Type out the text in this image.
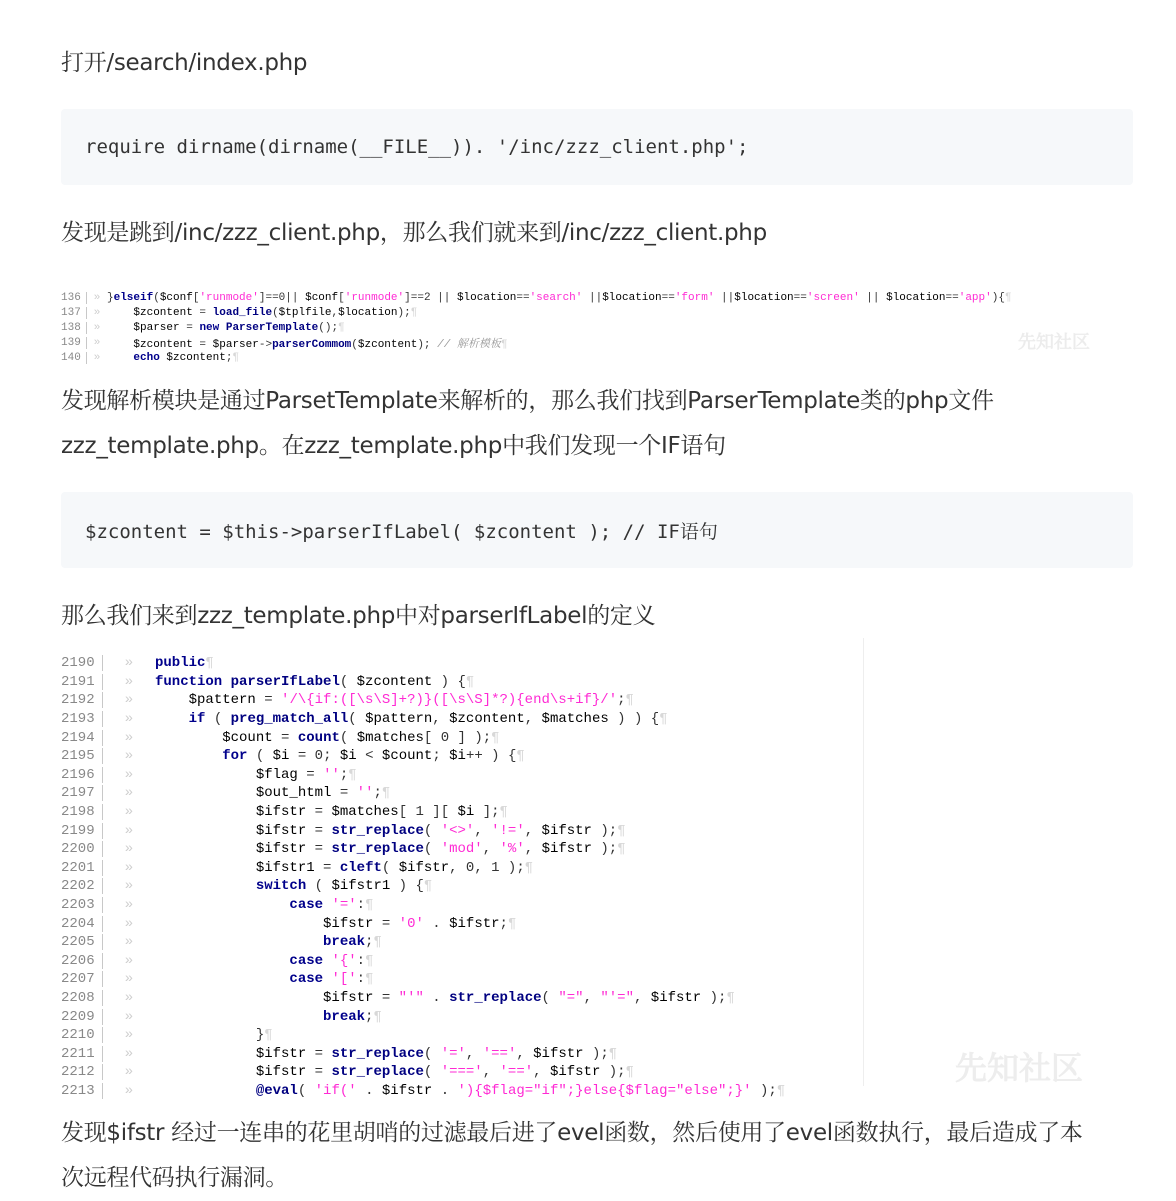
打开/search/index.php

require dirname(dirname(__FILE__)). '/inc/zzz_client.php';

发现是跳到/inc/zzz_client.php，那么我们就来到/inc/zzz_client.php

136	» }elseif($conf['runmode']==0|| $conf['runmode']==2 || $location=='search' ||$location=='form' ||$location=='screen' || $location=='app'){¶
137	»	$zcontent = load_file($tplfile,$location);¶
138	»	$parser = new ParserTemplate();¶
139	»	$zcontent = $parser->parserCommom($zcontent); // 解析模板¶
140	»	echo $zcontent;¶
先知社区

发现解析模块是通过ParsetTemplate来解析的，那么我们找到ParserTemplate类的php文件

zzz_template.php。在zzz_template.php中我们发现一个IF语句

$zcontent = $this->parserIfLabel( $zcontent ); // IF语句

那么我们来到zzz_template.php中对parserIfLabel的定义

2190	»	public¶
2191	»	function parserIfLabel( $zcontent ) {¶
2192	»	$pattern = '/\{if:([\s\S]+?)}([\s\S]*?){end\s+if}/';¶
2193	»	if ( preg_match_all( $pattern, $zcontent, $matches ) ) {¶
2194	»	$count = count( $matches[ 0 ] );¶
2195	»	for ( $i = 0; $i < $count; $i++ ) {¶
2196	»	$flag = '';¶
2197	»	$out_html = '';¶
2198	»	$ifstr = $matches[ 1 ][ $i ];¶
2199	»	$ifstr = str_replace( '<>', '!=', $ifstr );¶
2200	»	$ifstr = str_replace( 'mod', '%', $ifstr );¶
2201	»	$ifstr1 = cleft( $ifstr, 0, 1 );¶
2202	»	switch ( $ifstr1 ) {¶
2203	»	case '=':¶
2204	»	$ifstr = '0' . $ifstr;¶
2205	»	break;¶
2206	»	case '{':¶
2207	»	case '[':¶
2208	»	$ifstr = "'" . str_replace( "=", "'=", $ifstr );¶
2209	»	break;¶
2210	»	}¶
2211	»	$ifstr = str_replace( '=', '==', $ifstr );¶
2212	»	$ifstr = str_replace( '===', '==', $ifstr );¶
2213	»	@eval( 'if(' . $ifstr . '){$flag="if";}else{$flag="else";}' );¶
先知社区

发现$ifstr 经过一连串的花里胡哨的过滤最后进了evel函数，然后使用了evel函数执行，最后造成了本

次远程代码执行漏洞。
